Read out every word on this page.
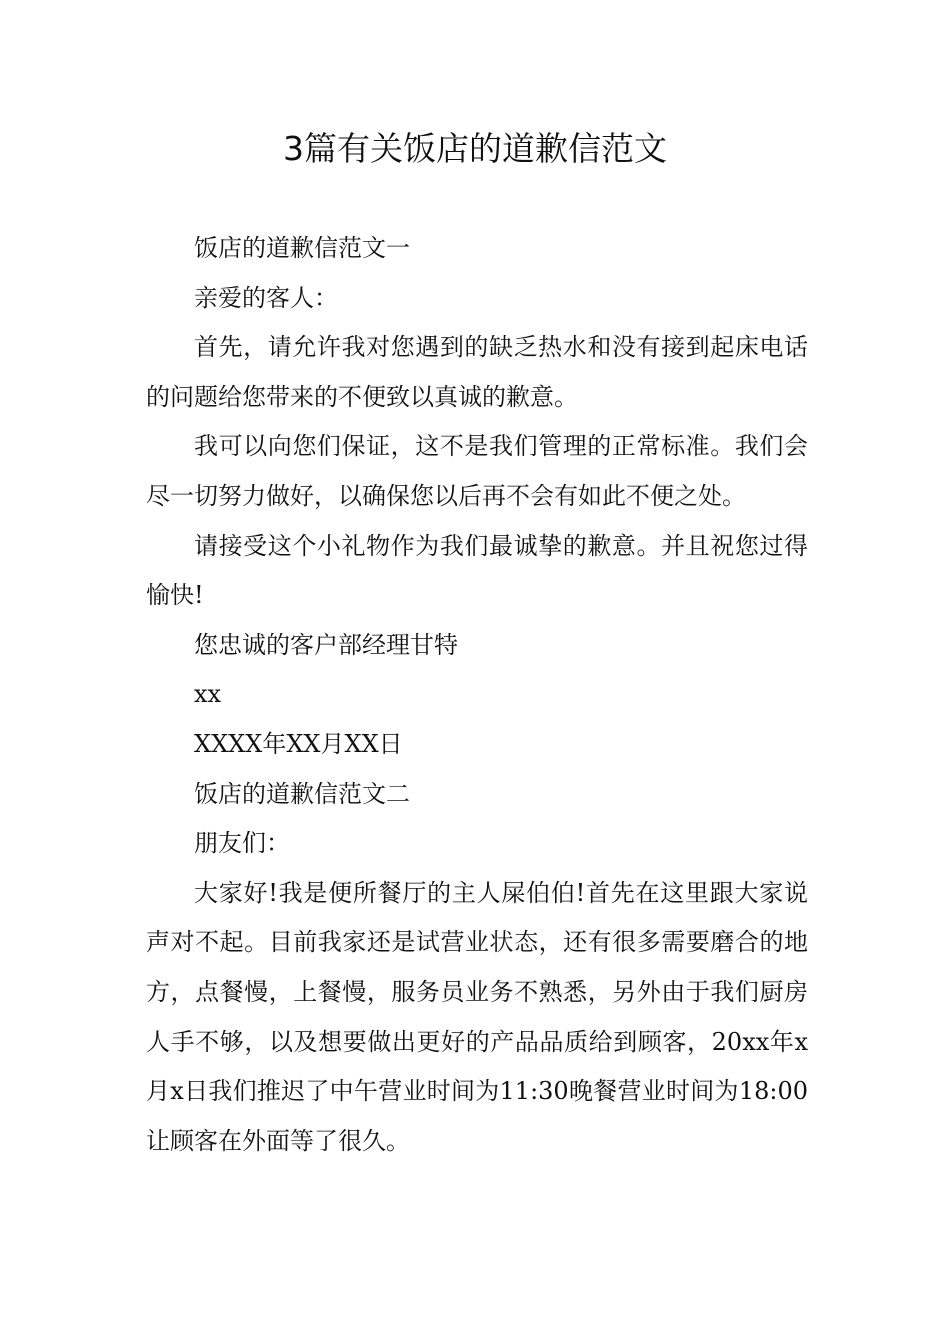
3篇有关饭店的道歉信范文

饭店的道歉信范文一

亲爱的客人：

首先，请允许我对您遇到的缺乏热水和没有接到起床电话的问题给您带来的不便致以真诚的歉意。

我可以向您们保证，这不是我们管理的正常标准。我们会尽一切努力做好，以确保您以后再不会有如此不便之处。

请接受这个小礼物作为我们最诚挚的歉意。并且祝您过得愉快!

您忠诚的客户部经理甘特

xx

XXXX年XX月XX日

饭店的道歉信范文二

朋友们：

大家好!我是便所餐厅的主人屎伯伯!首先在这里跟大家说声对不起。目前我家还是试营业状态，还有很多需要磨合的地方，点餐慢，上餐慢，服务员业务不熟悉，另外由于我们厨房人手不够，以及想要做出更好的产品品质给到顾客，20xx年x月x日我们推迟了中午营业时间为11:30晚餐营业时间为18:00让顾客在外面等了很久。
